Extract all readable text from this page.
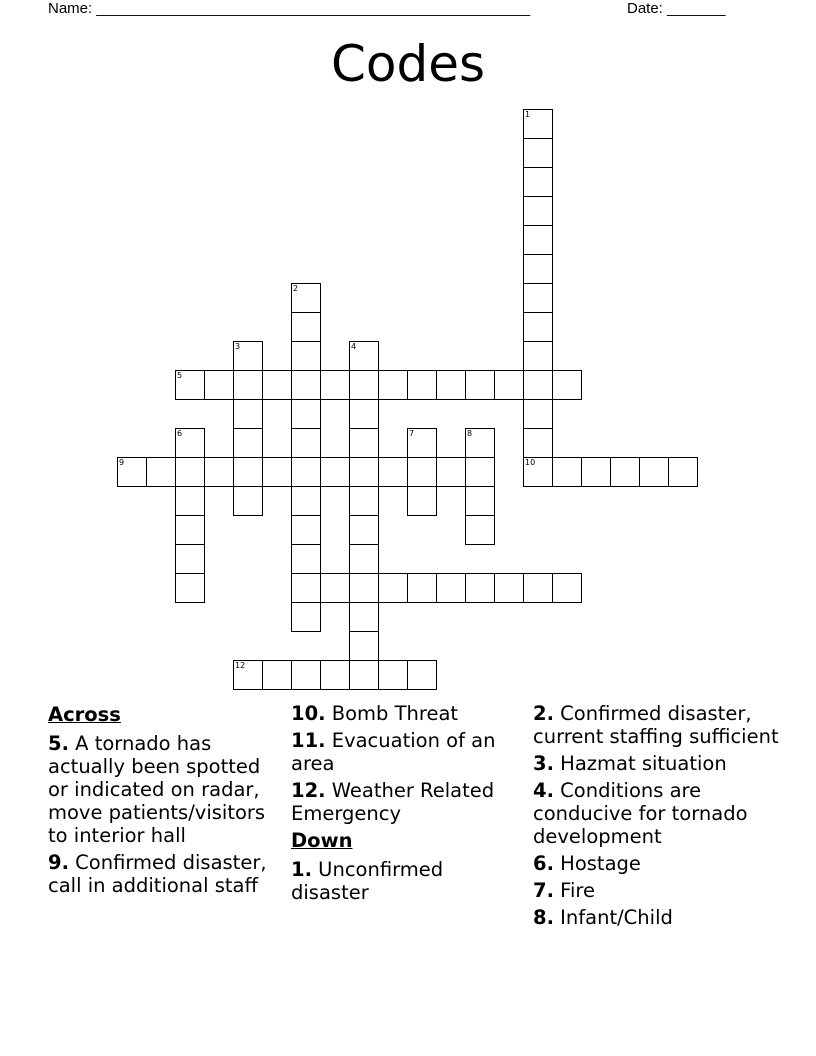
Name: ____________________________________________________	Date: _______
Codes
1
2
3	4
5
6	7	8
9	10
12
Across
5. A tornado has actually been spotted or indicated on radar, move patients/visitors to interior hall
9. Confirmed disaster, call in additional staff
10. Bomb Threat
11. Evacuation of an area
12. Weather Related Emergency
Down
1. Unconfirmed disaster
2. Confirmed disaster, current staffing sufficient
3. Hazmat situation
4. Conditions are conducive for tornado development
6. Hostage
7. Fire
8. Infant/Child
